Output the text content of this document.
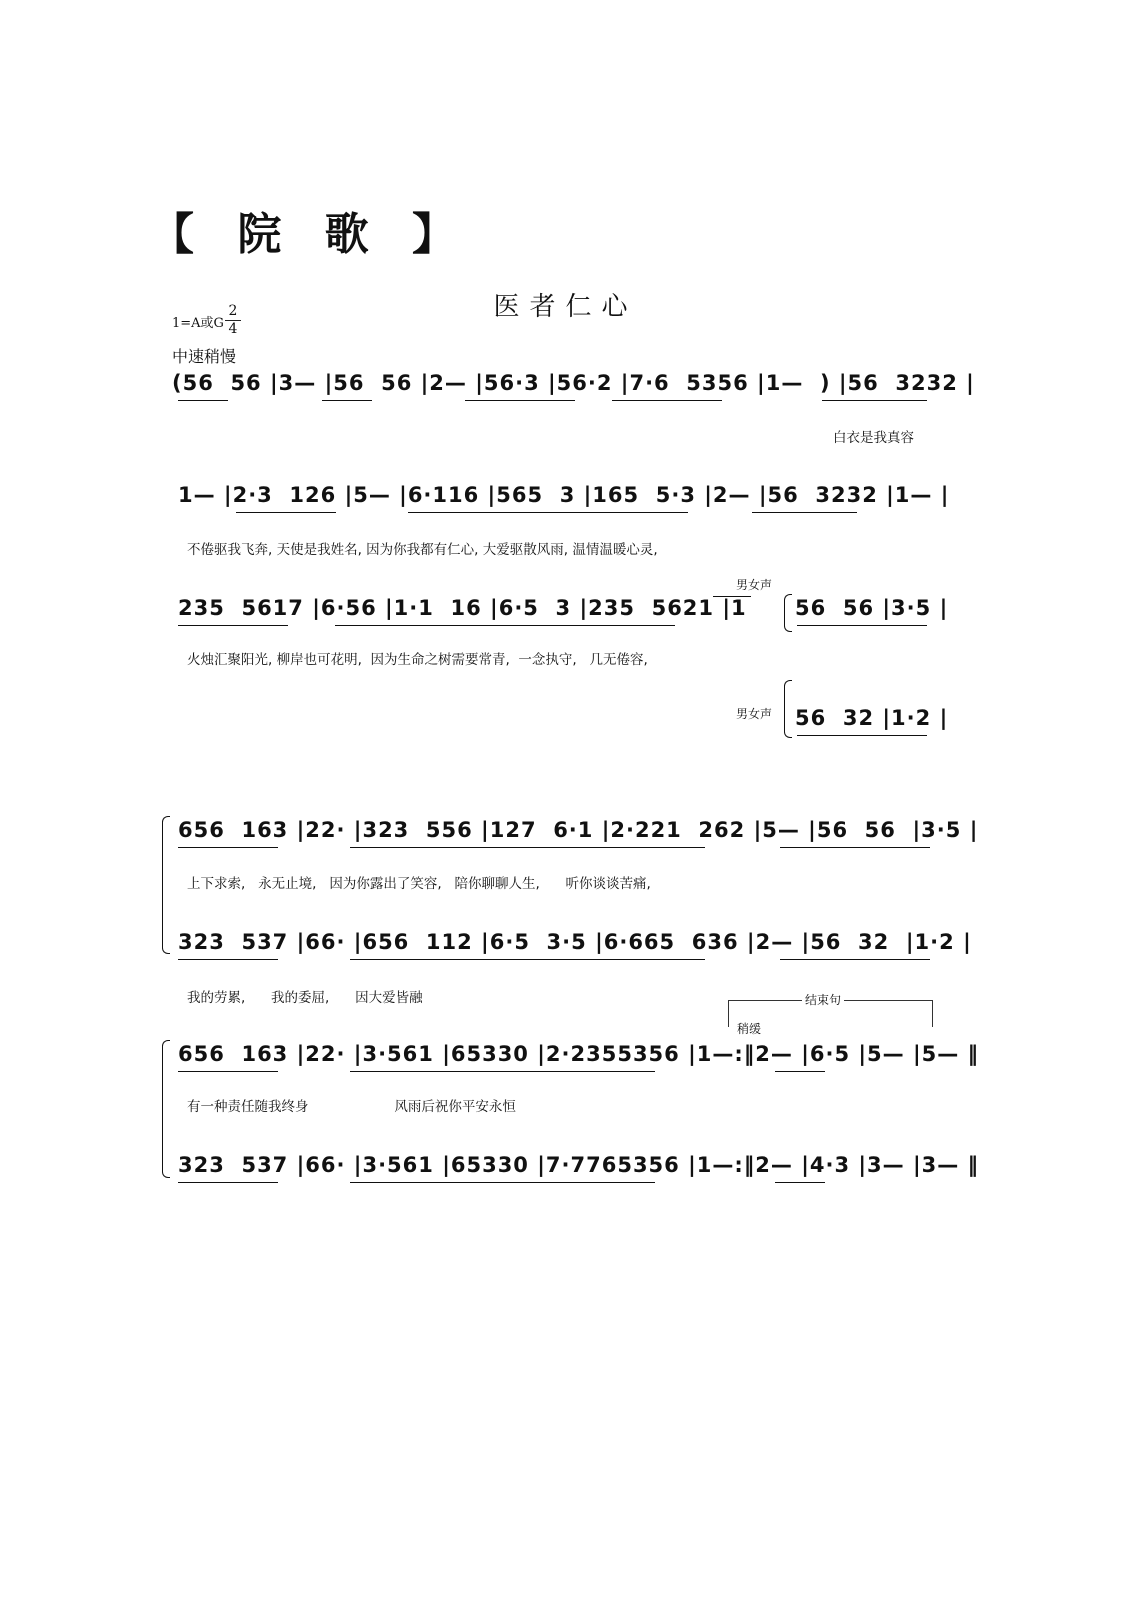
【 院 歌 】
医者仁心
1=A或G
2
4
中速稍慢
(56  56 |3— |56  56 |2— |56·3 |56·2 |7·6  5356 |1—  ) |56  3232 |
白衣是我真容
1— |2·3  126 |5— |6·116 |565  3 |165  5·3 |2— |56  3232 |1— |
不倦驱我飞奔, 天使是我姓名, 因为你我都有仁心, 大爱驱散风雨, 温情温暖心灵,
235  5617 |6·56 |1·1  16 |6·5  3 |235  5621 |1
男女声
56  56 |3·5 |
火烛汇聚阳光, 柳岸也可花明,  因为生命之树需要常青,  一念执守,   几无倦容,
男女声 56  32 |1·2 |
656  163 |22· |323  556 |127  6·1 |2·221  262 |5— |56  56  |3·5 |
上下求索,   永无止境,   因为你露出了笑容,   陪你聊聊人生,      听你谈谈苦痛,
323  537 |66· |656  112 |6·5  3·5 |6·665  636 |2— |56  32  |1·2 |
我的劳累,      我的委屈,      因大爱皆融	结束句
稍缓
656  163 |22· |3·561 |65330 |2·2355356 |1—:‖2— |6·5 |5— |5— ‖
有一种责任随我终身                    风雨后祝你平安永恒
323  537 |66· |3·561 |65330 |7·7765356 |1—:‖2— |4·3 |3— |3— ‖
